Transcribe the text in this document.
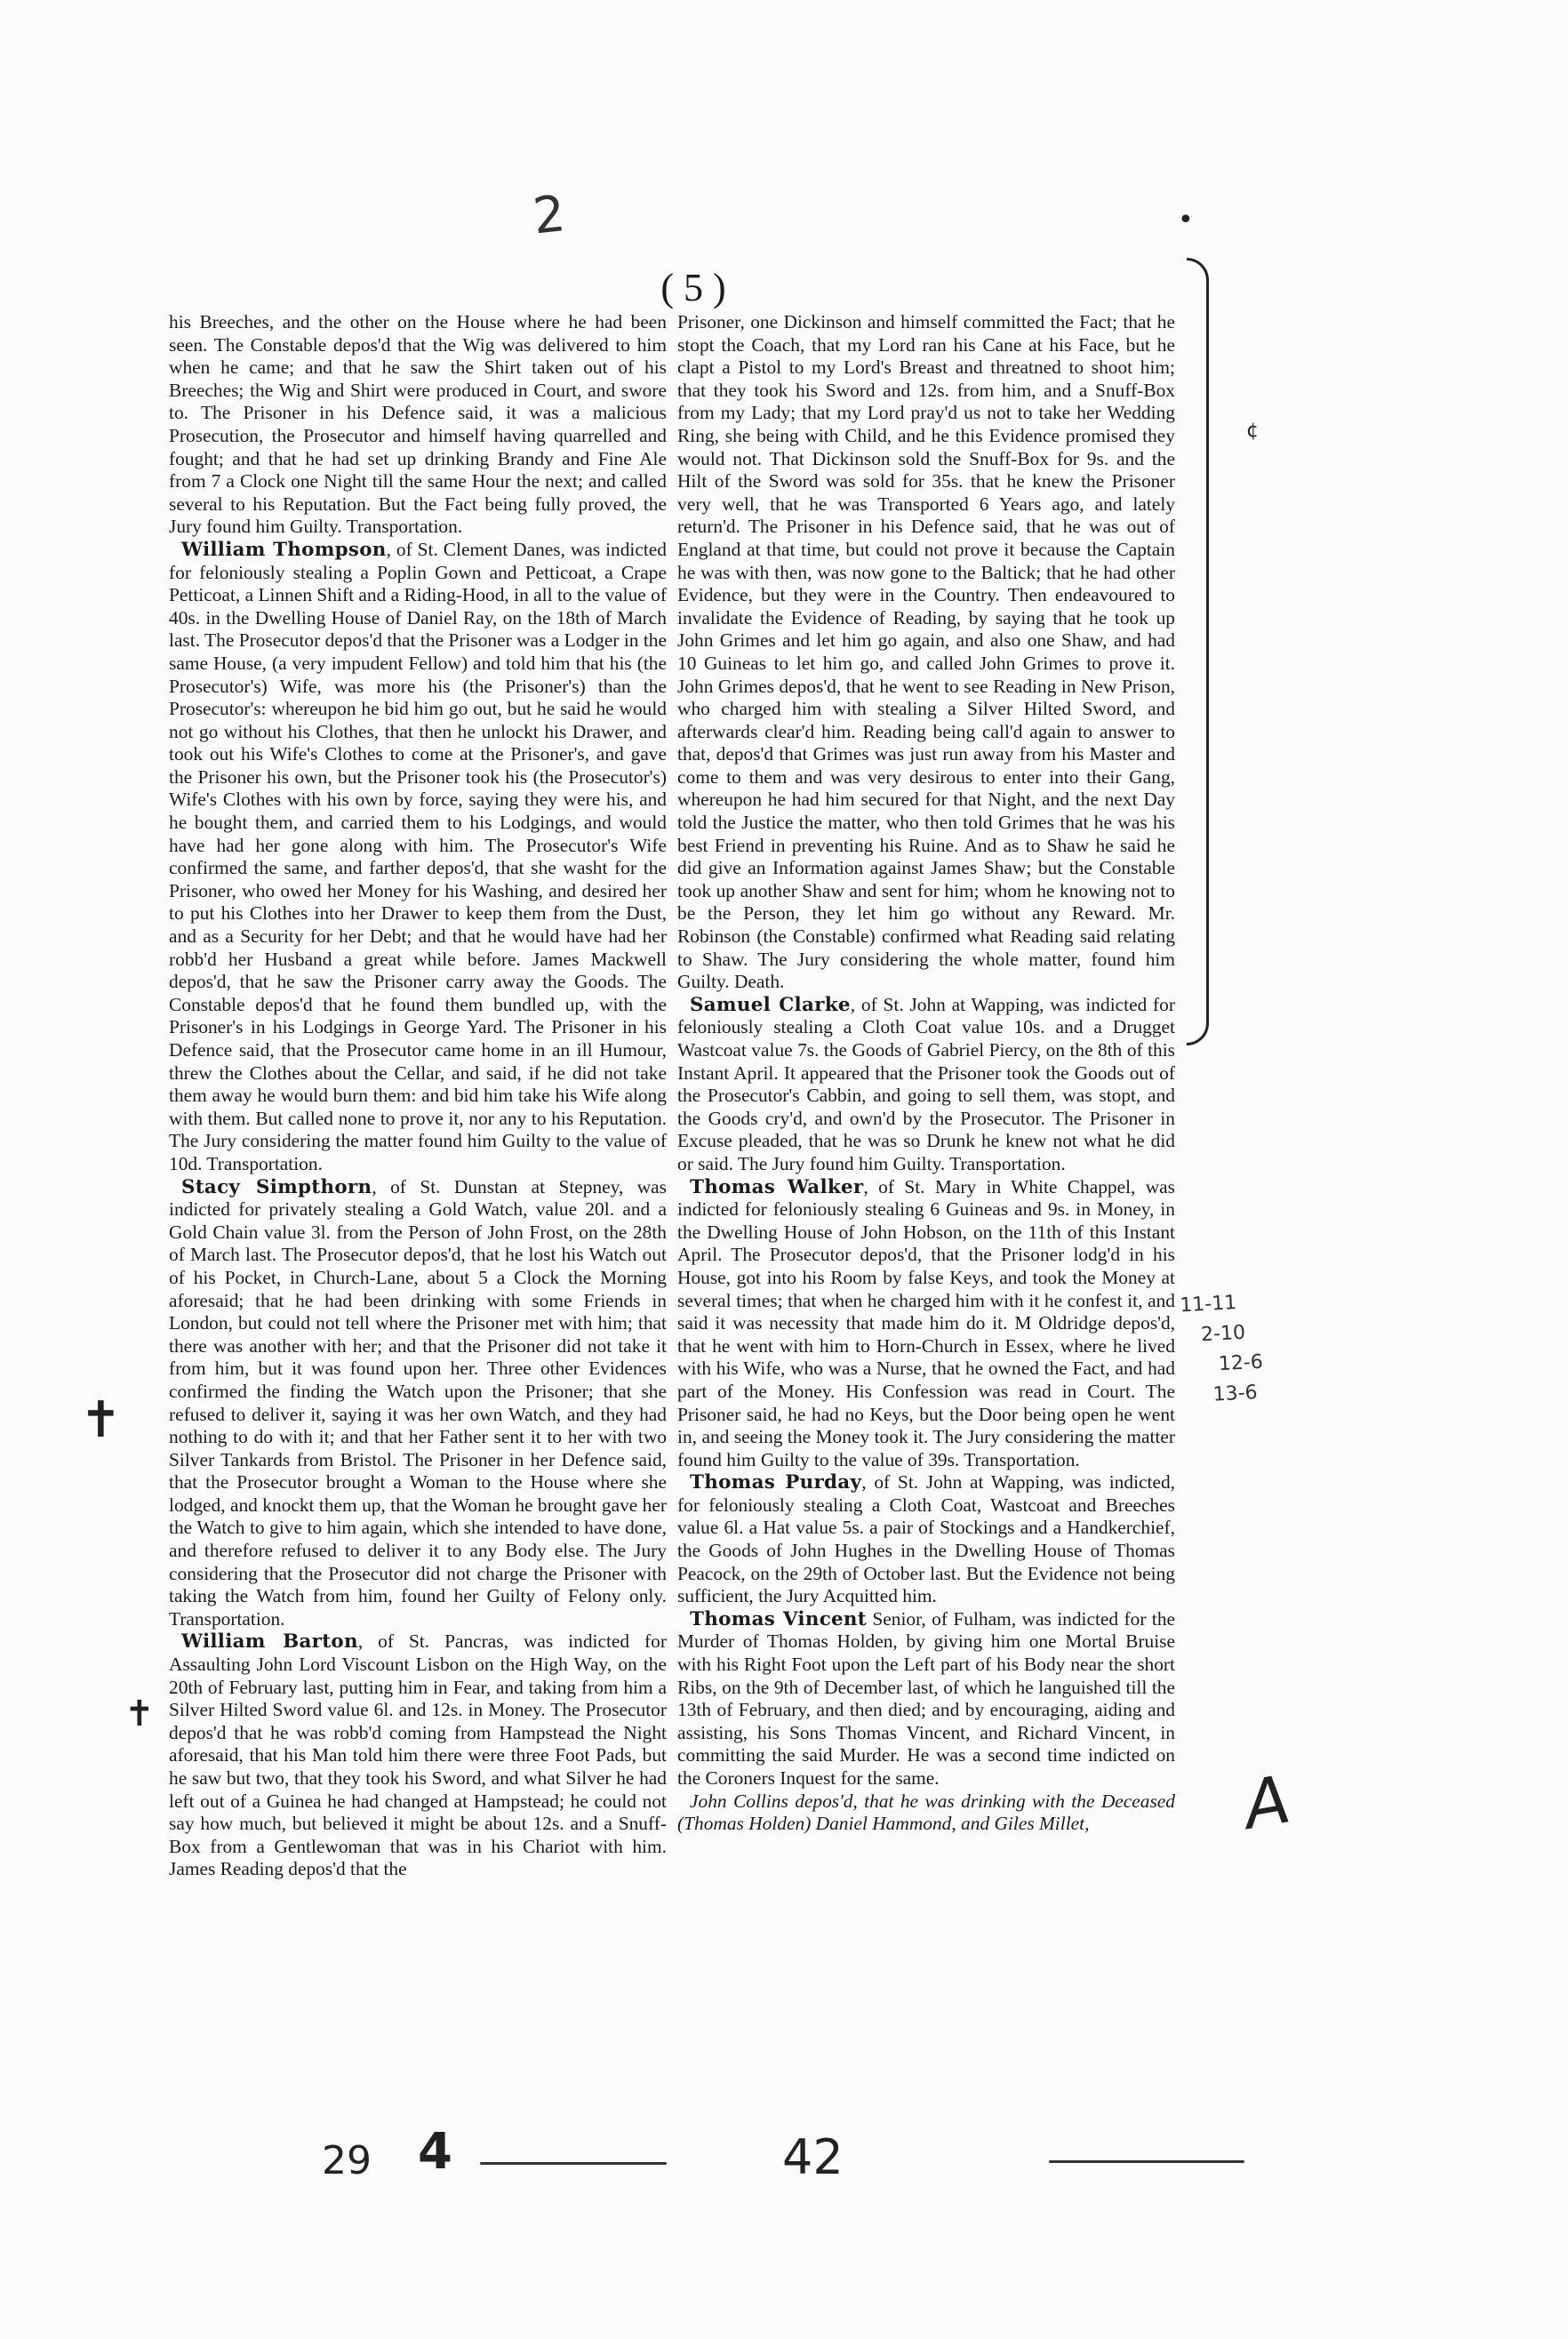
2	•
( 5 )

his Breeches, and the other on the House where he had been seen. The Constable depos'd that the Wig was delivered to him when he came; and that he saw the Shirt taken out of his Breeches; the Wig and Shirt were produced in Court, and swore to. The Prisoner in his Defence said, it was a malicious Prosecution, the Prosecutor and himself having quarrelled and fought; and that he had set up drinking Brandy and Fine Ale from 7 a Clock one Night till the same Hour the next; and called several to his Reputation. But the Fact being fully proved, the Jury found him Guilty. Transportation.

William Thompson, of St. Clement Danes, was indicted for feloniously stealing a Poplin Gown and Petticoat, a Crape Petticoat, a Linnen Shift and a Riding-Hood, in all to the value of 40s. in the Dwelling House of Daniel Ray, on the 18th of March last. The Prosecutor depos'd that the Prisoner was a Lodger in the same House, (a very impudent Fellow) and told him that his (the Prosecutor's) Wife, was more his (the Prisoner's) than the Prosecutor's: whereupon he bid him go out, but he said he would not go without his Clothes, that then he unlockt his Drawer, and took out his Wife's Clothes to come at the Prisoner's, and gave the Prisoner his own, but the Prisoner took his (the Prosecutor's) Wife's Clothes with his own by force, saying they were his, and he bought them, and carried them to his Lodgings, and would have had her gone along with him. The Prosecutor's Wife confirmed the same, and farther depos'd, that she washt for the Prisoner, who owed her Money for his Washing, and desired her to put his Clothes into her Drawer to keep them from the Dust, and as a Security for her Debt; and that he would have had her robb'd her Husband a great while before. James Mackwell depos'd, that he saw the Prisoner carry away the Goods. The Constable depos'd that he found them bundled up, with the Prisoner's in his Lodgings in George Yard. The Prisoner in his Defence said, that the Prosecutor came home in an ill Humour, threw the Clothes about the Cellar, and said, if he did not take them away he would burn them: and bid him take his Wife along with them. But called none to prove it, nor any to his Reputation. The Jury considering the matter found him Guilty to the value of 10d. Transportation.

Stacy Simpthorn, of St. Dunstan at Stepney, was indicted for privately stealing a Gold Watch, value 20l. and a Gold Chain value 3l. from the Person of John Frost, on the 28th of March last. The Prosecutor depos'd, that he lost his Watch out of his Pocket, in Church-Lane, about 5 a Clock the Morning aforesaid; that he had been drinking with some Friends in London, but could not tell where the Prisoner met with him; that there was another with her; and that the Prisoner did not take it from him, but it was found upon her. Three other Evidences confirmed the finding the Watch upon the Prisoner; that she refused to deliver it, saying it was her own Watch, and they had nothing to do with it; and that her Father sent it to her with two Silver Tankards from Bristol. The Prisoner in her Defence said, that the Prosecutor brought a Woman to the House where she lodged, and knockt them up, that the Woman he brought gave her the Watch to give to him again, which she intended to have done, and therefore refused to deliver it to any Body else. The Jury considering that the Prosecutor did not charge the Prisoner with taking the Watch from him, found her Guilty of Felony only. Transportation.

William Barton, of St. Pancras, was indicted for Assaulting John Lord Viscount Lisbon on the High Way, on the 20th of February last, putting him in Fear, and taking from him a Silver Hilted Sword value 6l. and 12s. in Money. The Prosecutor depos'd that he was robb'd coming from Hampstead the Night aforesaid, that his Man told him there were three Foot Pads, but he saw but two, that they took his Sword, and what Silver he had left out of a Guinea he had changed at Hampstead; he could not say how much, but believed it might be about 12s. and a Snuff-Box from a Gentlewoman that was in his Chariot with him. James Reading depos'd that the

Prisoner, one Dickinson and himself committed the Fact; that he stopt the Coach, that my Lord ran his Cane at his Face, but he clapt a Pistol to my Lord's Breast and threatned to shoot him; that they took his Sword and 12s. from him, and a Snuff-Box from my Lady; that my Lord pray'd us not to take her Wedding Ring, she being with Child, and he this Evidence promised they would not. That Dickinson sold the Snuff-Box for 9s. and the Hilt of the Sword was sold for 35s. that he knew the Prisoner very well, that he was Transported 6 Years ago, and lately return'd. The Prisoner in his Defence said, that he was out of England at that time, but could not prove it because the Captain he was with then, was now gone to the Baltick; that he had other Evidence, but they were in the Country. Then endeavoured to invalidate the Evidence of Reading, by saying that he took up John Grimes and let him go again, and also one Shaw, and had 10 Guineas to let him go, and called John Grimes to prove it. John Grimes depos'd, that he went to see Reading in New Prison, who charged him with stealing a Silver Hilted Sword, and afterwards clear'd him. Reading being call'd again to answer to that, depos'd that Grimes was just run away from his Master and come to them and was very desirous to enter into their Gang, whereupon he had him secured for that Night, and the next Day told the Justice the matter, who then told Grimes that he was his best Friend in preventing his Ruine. And as to Shaw he said he did give an Information against James Shaw; but the Constable took up another Shaw and sent for him; whom he knowing not to be the Person, they let him go without any Reward. Mr. Robinson (the Constable) confirmed what Reading said relating to Shaw. The Jury considering the whole matter, found him Guilty. Death.

Samuel Clarke, of St. John at Wapping, was indicted for feloniously stealing a Cloth Coat value 10s. and a Drugget Wastcoat value 7s. the Goods of Gabriel Piercy, on the 8th of this Instant April. It appeared that the Prisoner took the Goods out of the Prosecutor's Cabbin, and going to sell them, was stopt, and the Goods cry'd, and own'd by the Prosecutor. The Prisoner in Excuse pleaded, that he was so Drunk he knew not what he did or said. The Jury found him Guilty. Transportation.

Thomas Walker, of St. Mary in White Chappel, was indicted for feloniously stealing 6 Guineas and 9s. in Money, in the Dwelling House of John Hobson, on the 11th of this Instant April. The Prosecutor depos'd, that the Prisoner lodg'd in his House, got into his Room by false Keys, and took the Money at several times; that when he charged him with it he confest it, and said it was necessity that made him do it. M Oldridge depos'd, that he went with him to Horn-Church in Essex, where he lived with his Wife, who was a Nurse, that he owned the Fact, and had part of the Money. His Confession was read in Court. The Prisoner said, he had no Keys, but the Door being open he went in, and seeing the Money took it. The Jury considering the matter found him Guilty to the value of 39s. Transportation.

Thomas Purday, of St. John at Wapping, was indicted, for feloniously stealing a Cloth Coat, Wastcoat and Breeches value 6l. a Hat value 5s. a pair of Stockings and a Handkerchief, the Goods of John Hughes in the Dwelling House of Thomas Peacock, on the 29th of October last. But the Evidence not being sufficient, the Jury Acquitted him.

Thomas Vincent Senior, of Fulham, was indicted for the Murder of Thomas Holden, by giving him one Mortal Bruise with his Right Foot upon the Left part of his Body near the short Ribs, on the 9th of December last, of which he languished till the 13th of February, and then died; and by encouraging, aiding and assisting, his Sons Thomas Vincent, and Richard Vincent, in committing the said Murder. He was a second time indicted on the Coroners Inquest for the same.

John Collins depos'd, that he was drinking with the Deceased (Thomas Holden) Daniel Hammond, and Giles Millet,

11-11
2-10
12-6
13-6
✝
✝
A
¢
29 4	42
